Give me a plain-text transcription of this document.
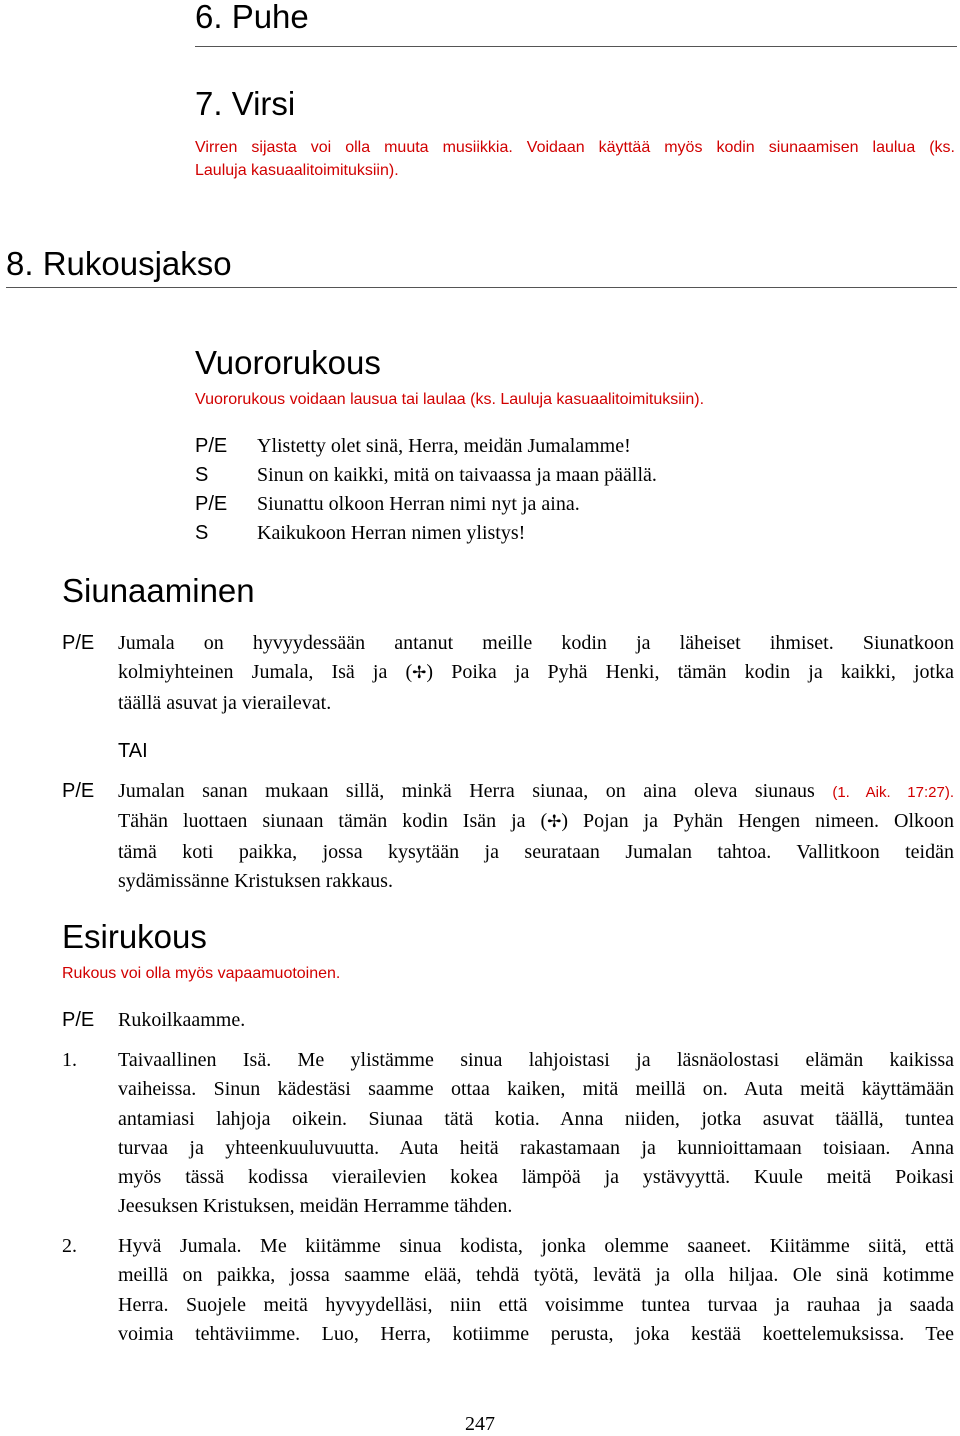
6. Puhe
7. Virsi
Virren sijasta voi olla muuta musiikkia. Voidaan käyttää myös kodin siunaamisen laulua (ks.
Lauluja kasuaalitoimituksiin).
8. Rukousjakso
Vuororukous
Vuororukous voidaan lausua tai laulaa (ks. Lauluja kasuaalitoimituksiin).
P/E Ylistetty olet sinä, Herra, meidän Jumalamme!
S Sinun on kaikki, mitä on taivaassa ja maan päällä.
P/E Siunattu olkoon Herran nimi nyt ja aina.
S Kaikukoon Herran nimen ylistys!
Siunaaminen
P/E Jumala on hyvyydessään antanut meille kodin ja läheiset ihmiset. Siunatkoon
kolmiyhteinen Jumala, Isä ja (✢) Poika ja Pyhä Henki, tämän kodin ja kaikki, jotka
täällä asuvat ja vierailevat.
TAI
P/E Jumalan sanan mukaan sillä, minkä Herra siunaa, on aina oleva siunaus (1. Aik. 17:27).
Tähän luottaen siunaan tämän kodin Isän ja (✢) Pojan ja Pyhän Hengen nimeen. Olkoon
tämä koti paikka, jossa kysytään ja seurataan Jumalan tahtoa. Vallitkoon teidän
sydämissänne Kristuksen rakkaus.
Esirukous
Rukous voi olla myös vapaamuotoinen.
P/E Rukoilkaamme.
1. Taivaallinen Isä. Me ylistämme sinua lahjoistasi ja läsnäolostasi elämän kaikissa
vaiheissa. Sinun kädestäsi saamme ottaa kaiken, mitä meillä on. Auta meitä käyttämään
antamiasi lahjoja oikein. Siunaa tätä kotia. Anna niiden, jotka asuvat täällä, tuntea
turvaa ja yhteenkuuluvuutta. Auta heitä rakastamaan ja kunnioittamaan toisiaan. Anna
myös tässä kodissa vierailevien kokea lämpöä ja ystävyyttä. Kuule meitä Poikasi
Jeesuksen Kristuksen, meidän Herramme tähden.
2. Hyvä Jumala. Me kiitämme sinua kodista, jonka olemme saaneet. Kiitämme siitä, että
meillä on paikka, jossa saamme elää, tehdä työtä, levätä ja olla hiljaa. Ole sinä kotimme
Herra. Suojele meitä hyvyydelläsi, niin että voisimme tuntea turvaa ja rauhaa ja saada
voimia tehtäviimme. Luo, Herra, kotiimme perusta, joka kestää koettelemuksissa. Tee
247
